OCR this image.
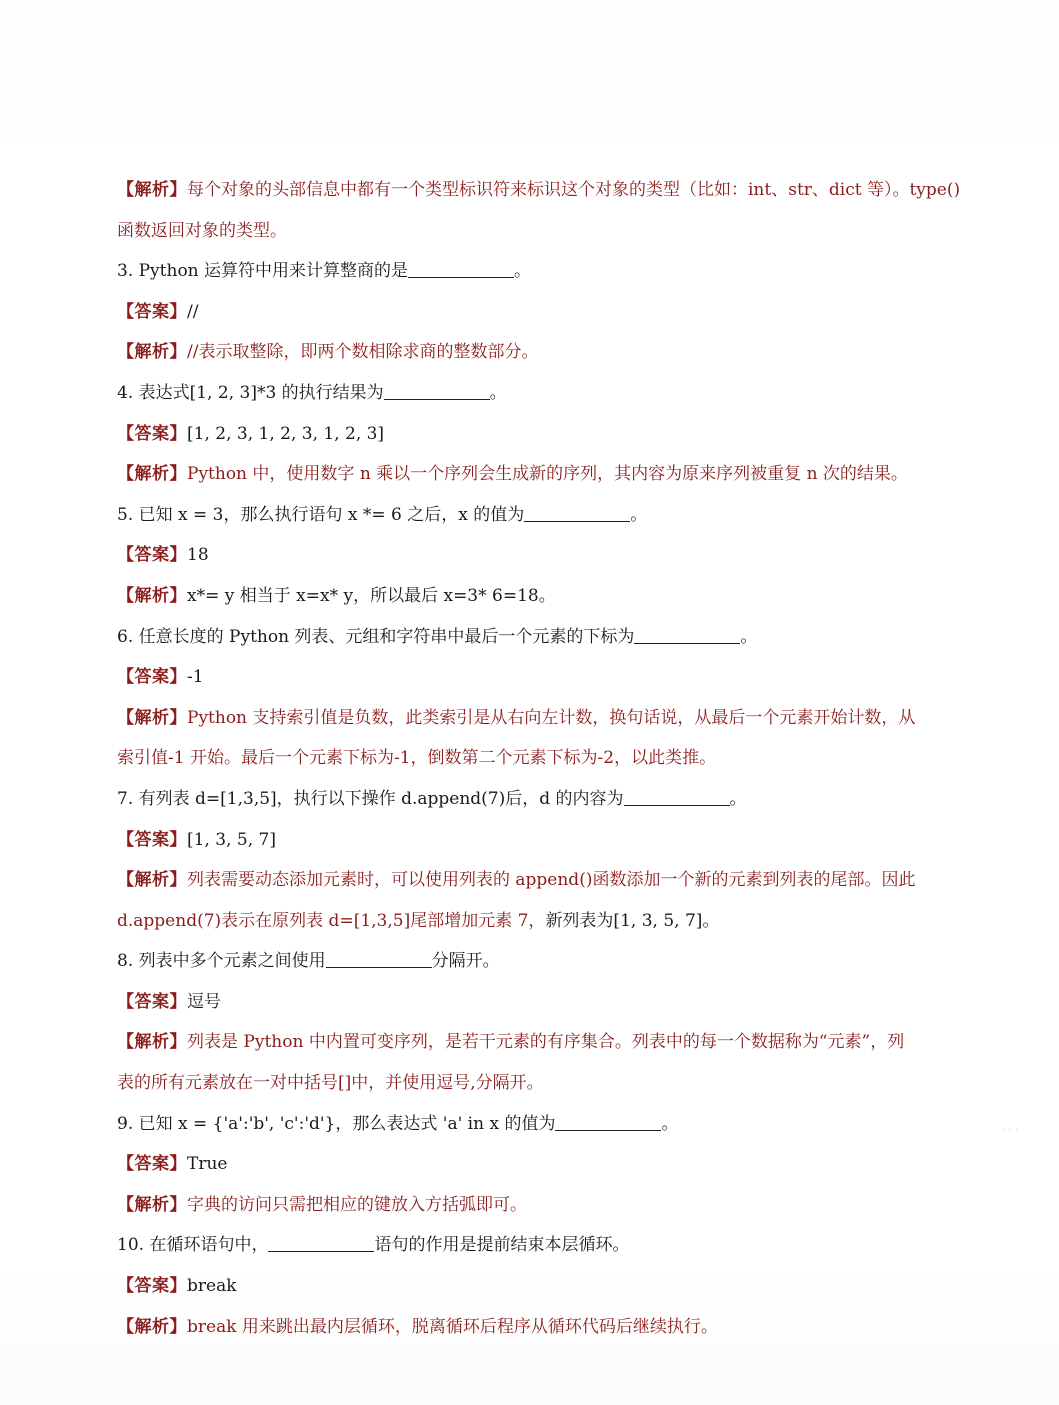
【解析】每个对象的头部信息中都有一个类型标识符来标识这个对象的类型（比如：int、str、dict 等）。type()
函数返回对象的类型。
3. Python 运算符中用来计算整商的是	。
【答案】//
【解析】//表示取整除，即两个数相除求商的整数部分。
4. 表达式[1, 2, 3]*3 的执行结果为	。
【答案】[1, 2, 3, 1, 2, 3, 1, 2, 3]
【解析】Python 中，使用数字 n 乘以一个序列会生成新的序列，其内容为原来序列被重复 n 次的结果。
5. 已知 x = 3，那么执行语句 x *= 6 之后，x 的值为	。
【答案】18
【解析】x*= y 相当于 x=x* y，所以最后 x=3* 6=18。
6. 任意长度的 Python 列表、元组和字符串中最后一个元素的下标为	。
【答案】-1
【解析】Python 支持索引值是负数，此类索引是从右向左计数，换句话说，从最后一个元素开始计数，从
索引值-1 开始。最后一个元素下标为-1，倒数第二个元素下标为-2，以此类推。
7. 有列表 d=[1,3,5]，执行以下操作 d.append(7)后，d 的内容为	。
【答案】[1, 3, 5, 7]
【解析】列表需要动态添加元素时，可以使用列表的 append()函数添加一个新的元素到列表的尾部。因此
d.append(7)表示在原列表 d=[1,3,5]尾部增加元素 7，新列表为[1, 3, 5, 7]。
8. 列表中多个元素之间使用	分隔开。
【答案】逗号
【解析】列表是 Python 中内置可变序列，是若干元素的有序集合。列表中的每一个数据称为“元素”，列
表的所有元素放在一对中括号[]中，并使用逗号,分隔开。
9. 已知 x = {'a':'b', 'c':'d'}，那么表达式 'a' in x 的值为	。
【答案】True
【解析】字典的访问只需把相应的键放入方括弧即可。
10. 在循环语句中，	语句的作用是提前结束本层循环。
【答案】break
【解析】break 用来跳出最内层循环，脱离循环后程序从循环代码后继续执行。
· · ·
